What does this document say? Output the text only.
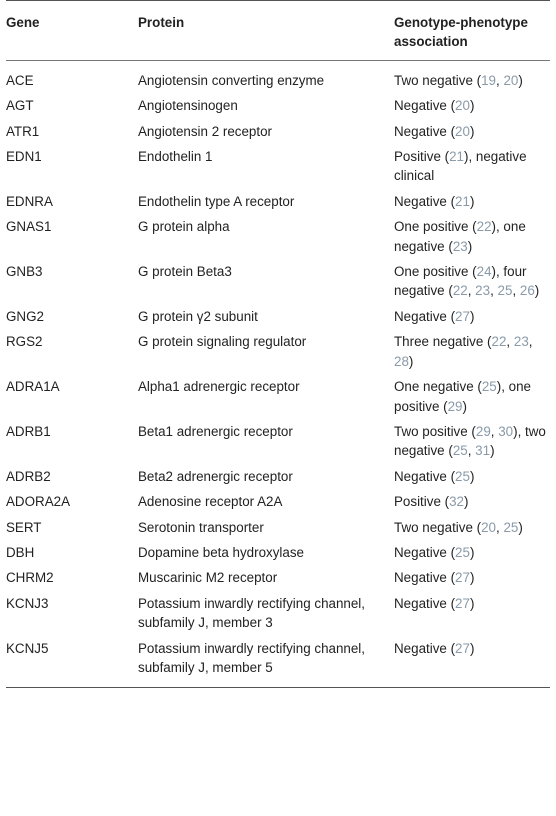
Gene	Protein	Genotype-phenotype association
ACE	Angiotensin converting enzyme	Two negative (19, 20)
AGT	Angiotensinogen	Negative (20)
ATR1	Angiotensin 2 receptor	Negative (20)
EDN1	Endothelin 1	Positive (21), negative clinical
EDNRA	Endothelin type A receptor	Negative (21)
GNAS1	G protein alpha	One positive (22), one negative (23)
GNB3	G protein Beta3	One positive (24), four negative (22, 23, 25, 26)
GNG2	G protein γ2 subunit	Negative (27)
RGS2	G protein signaling regulator	Three negative (22, 23, 28)
ADRA1A	Alpha1 adrenergic receptor	One negative (25), one positive (29)
ADRB1	Beta1 adrenergic receptor	Two positive (29, 30), two negative (25, 31)
ADRB2	Beta2 adrenergic receptor	Negative (25)
ADORA2A	Adenosine receptor A2A	Positive (32)
SERT	Serotonin transporter	Two negative (20, 25)
DBH	Dopamine beta hydroxylase	Negative (25)
CHRM2	Muscarinic M2 receptor	Negative (27)
KCNJ3	Potassium inwardly rectifying channel, subfamily J, member 3	Negative (27)
KCNJ5	Potassium inwardly rectifying channel, subfamily J, member 5	Negative (27)
